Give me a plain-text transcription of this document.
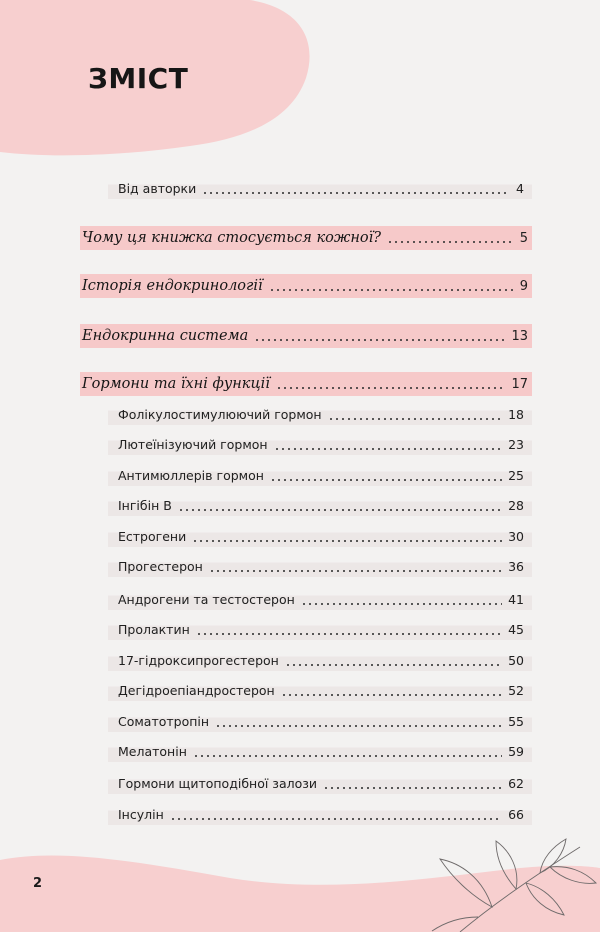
ЗМІСТ
Від авторки	4
Чому ця книжка стосується кожної?	5
Історія ендокринології	9
Ендокринна система	13
Гормони та їхні функції	17
Фолікулостимулюючий гормон	18
Лютеїнізуючий гормон	23
Антимюллерів гормон	25
Інгібін В	28
Естрогени	30
Прогестерон	36
Андрогени та тестостерон	41
Пролактин	45
17-гідроксипрогестерон	50
Дегідроепіандростерон	52
Соматотропін	55
Мелатонін	59
Гормони щитоподібної залози	62
Інсулін	66
2
